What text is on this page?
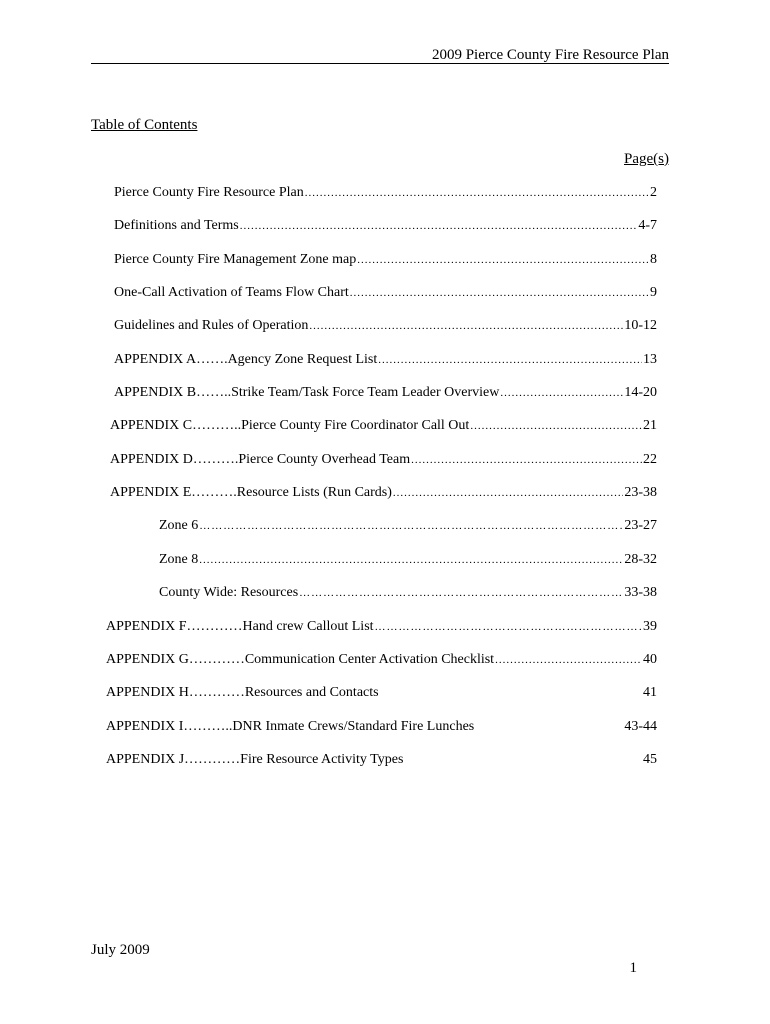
2009 Pierce County Fire Resource Plan
Table of Contents
Page(s)
Pierce County Fire Resource Plan .....	2
Definitions and Terms .....	4-7
Pierce County Fire Management Zone map .....	8
One-Call Activation of Teams Flow Chart .....	9
Guidelines and Rules of Operation .....	10-12
APPENDIX A…….Agency Zone Request List .....	13
APPENDIX B……..Strike Team/Task Force Team Leader Overview .....	14-20
APPENDIX C………..Pierce County Fire Coordinator Call Out .....	21
APPENDIX D……….Pierce County Overhead Team .....	22
APPENDIX E……….Resource Lists (Run Cards) .....	23-38
Zone 6 …………………………………………………………………………………………………………………………………………………………………………………………………………	23-27
Zone 8 .....	28-32
County Wide: Resources …………………………………………………………………………………………………………………………………………………………………………………………………………	33-38
APPENDIX F…………Hand crew Callout List …………………………………………………………………………………………………………………………………………………………………………………………………………	39
APPENDIX G…………Communication Center Activation Checklist .....	40
APPENDIX H…………Resources and Contacts	41
APPENDIX I………..DNR Inmate Crews/Standard Fire Lunches	43-44
APPENDIX J…………Fire Resource Activity Types	45
July 2009
1
